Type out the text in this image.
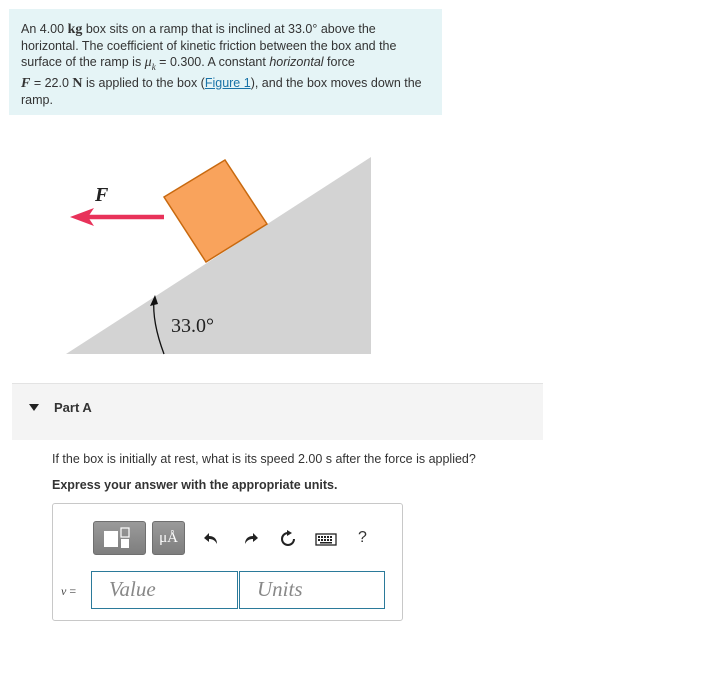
An 4.00 kg box sits on a ramp that is inclined at 33.0° above the horizontal. The coefficient of kinetic friction between the box and the surface of the ramp is $\mu_k = 0.300$. A constant horizontal force
F = 22.0 N is applied to the box (Figure 1), and the box moves down the ramp.
F
33.0°
Part A
If the box is initially at rest, what is its speed 2.00 s after the force is applied?
Express your answer with the appropriate units.
μÅ	?
v =	Value	Units
